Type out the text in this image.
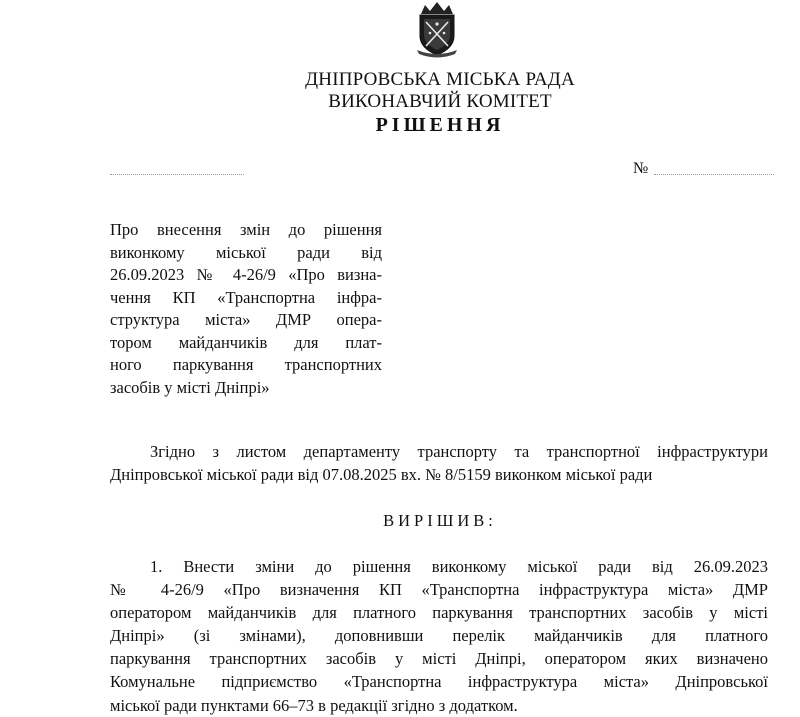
ДНІПРОВСЬКА МІСЬКА РАДА
ВИКОНАВЧИЙ КОМІТЕТ
РІШЕННЯ
№
Про внесення змін до рішення
виконкому міської ради від
26.09.2023 № 4-26/9 «Про визна-
чення КП «Транспортна інфра-
структура міста» ДМР опера-
тором майданчиків для плат-
ного паркування транспортних
засобів у місті Дніпрі»
Згідно з листом департаменту транспорту та транспортної інфраструктури
Дніпровської міської ради від 07.08.2025 вх. № 8/5159 виконком міської ради
ВИРІШИВ:
1. Внести зміни до рішення виконкому міської ради від 26.09.2023
№ 4-26/9 «Про визначення КП «Транспортна інфраструктура міста» ДМР
оператором майданчиків для платного паркування транспортних засобів у місті
Дніпрі» (зі змінами), доповнивши перелік майданчиків для платного
паркування транспортних засобів у місті Дніпрі, оператором яких визначено
Комунальне підприємство «Транспортна інфраструктура міста» Дніпровської
міської ради пунктами 66–73 в редакції згідно з додатком.
